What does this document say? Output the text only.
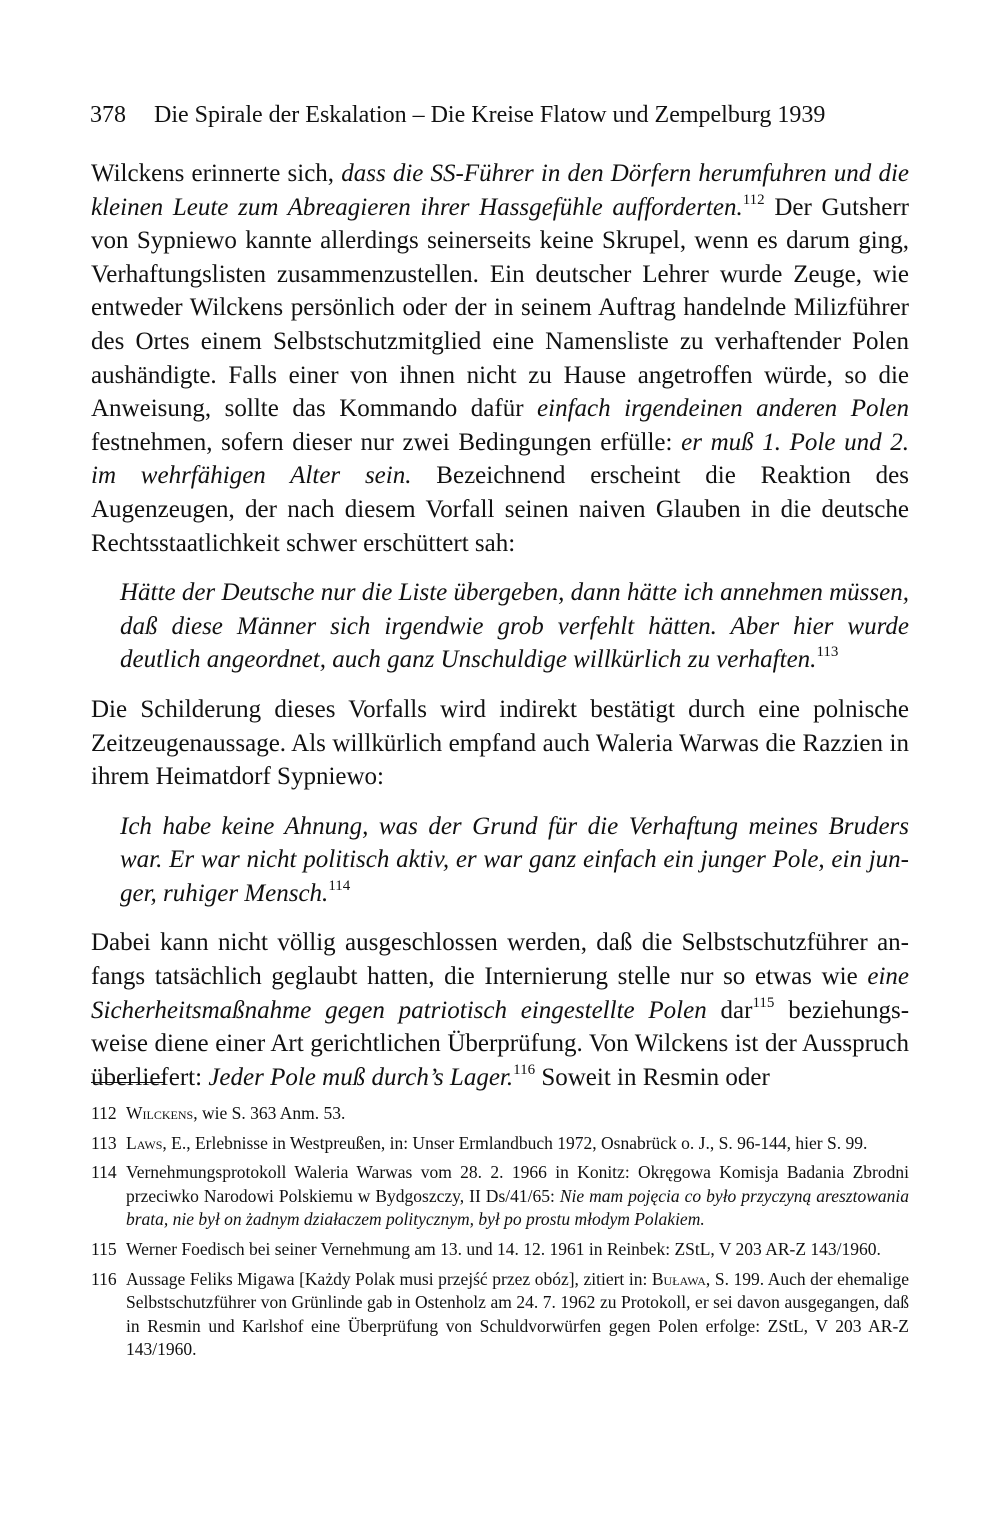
378 Die Spirale der Eskalation – Die Kreise Flatow und Zempelburg 1939

Wilckens erinnerte sich, dass die SS-Führer in den Dörfern herumfuhren und die kleinen Leute zum Abreagieren ihrer Hassgefühle aufforderten.$^{112}$ Der Gutsherr von Sypniewo kannte allerdings seinerseits keine Skrupel, wenn es darum ging, Verhaftungslisten zusammenzustellen. Ein deutscher Lehrer wurde Zeuge, wie entweder Wilckens persönlich oder der in seinem Auftrag handelnde Milizführer des Ortes einem Selbstschutzmitglied eine Namensliste zu verhaftender Polen aushändigte. Falls einer von ihnen nicht zu Hause angetroffen würde, so die Anweisung, sollte das Kommando dafür einfach irgendeinen anderen Polen festnehmen, sofern dieser nur zwei Bedingungen erfülle: er muß 1. Pole und 2. im wehrfähigen Alter sein. Bezeichnend erscheint die Reaktion des Augenzeugen, der nach diesem Vorfall seinen naiven Glauben in die deutsche Rechtsstaatlichkeit schwer erschüttert sah:

Hätte der Deutsche nur die Liste übergeben, dann hätte ich annehmen müssen, daß diese Männer sich irgendwie grob verfehlt hätten. Aber hier wurde deutlich angeordnet, auch ganz Unschuldige willkürlich zu verhaften.$^{113}$

Die Schilderung dieses Vorfalls wird indirekt bestätigt durch eine polnische Zeitzeugenaussage. Als willkürlich empfand auch Waleria Warwas die Razzien in ihrem Heimatdorf Sypniewo:

Ich habe keine Ahnung, was der Grund für die Verhaftung meines Bruders war. Er war nicht politisch aktiv, er war ganz einfach ein junger Pole, ein junger, ruhiger Mensch.$^{114}$

Dabei kann nicht völlig ausgeschlossen werden, daß die Selbstschutzführer anfangs tatsächlich geglaubt hatten, die Internierung stelle nur so etwas wie eine Sicherheitsmaßnahme gegen patriotisch eingestellte Polen dar$^{115}$ beziehungsweise diene einer Art gerichtlichen Überprüfung. Von Wilckens ist der Ausspruch überliefert: Jeder Pole muß durch’s Lager.$^{116}$ Soweit in Resmin oder

112 Wilckens, wie S. 363 Anm. 53.
113 Laws, E., Erlebnisse in Westpreußen, in: Unser Ermlandbuch 1972, Osnabrück o. J., S. 96-144, hier S. 99.
114 Vernehmungsprotokoll Waleria Warwas vom 28. 2. 1966 in Konitz: Okręgowa Komisja Badania Zbrodni przeciwko Narodowi Polskiemu w Bydgoszczy, II Ds/41/65: Nie mam pojęcia co było przyczyną aresztowania brata, nie był on żadnym działaczem politycznym, był po prostu młodym Polakiem.
115 Werner Foedisch bei seiner Vernehmung am 13. und 14. 12. 1961 in Reinbek: ZStL, V 203 AR-Z 143/1960.
116 Aussage Feliks Migawa [Każdy Polak musi przejść przez obóz], zitiert in: Buława, S. 199. Auch der ehemalige Selbstschutzführer von Grünlinde gab in Ostenholz am 24. 7. 1962 zu Protokoll, er sei davon ausgegangen, daß in Resmin und Karlshof eine Überprüfung von Schuldvorwürfen gegen Polen erfolge: ZStL, V 203 AR-Z 143/1960.
